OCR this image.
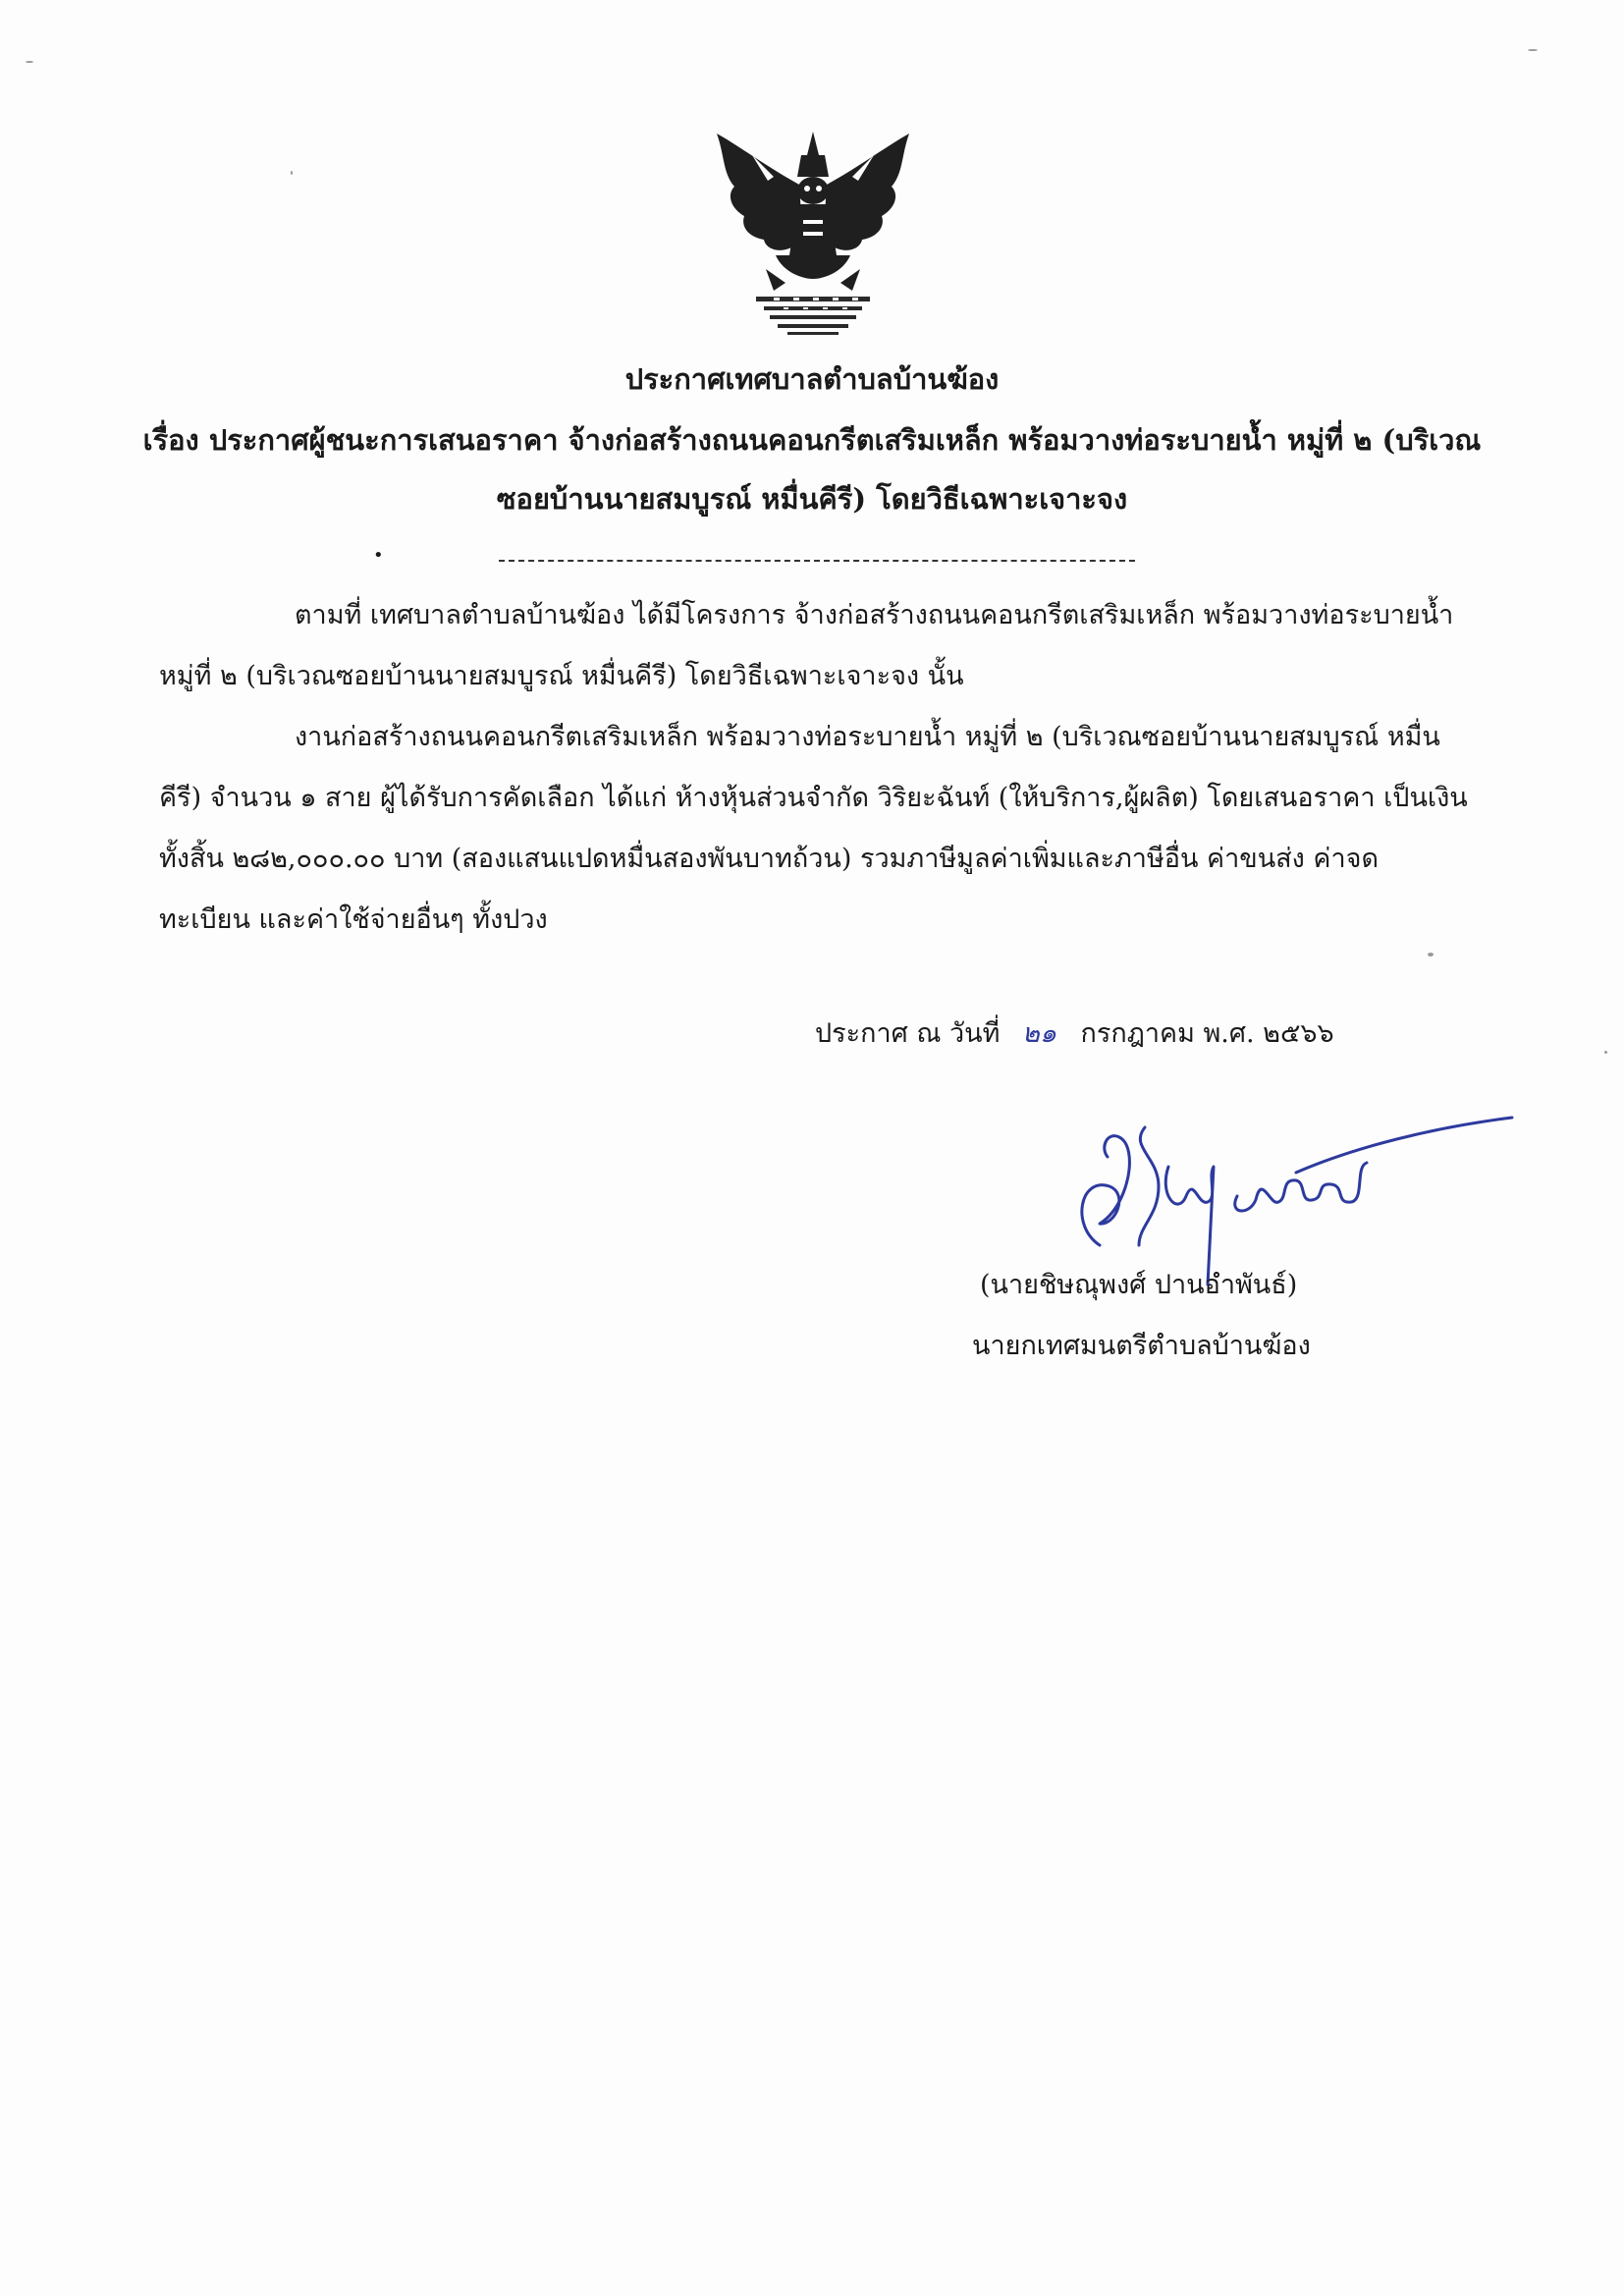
ประกาศเทศบาลตำบลบ้านฆ้อง
เรื่อง ประกาศผู้ชนะการเสนอราคา จ้างก่อสร้างถนนคอนกรีตเสริมเหล็ก พร้อมวางท่อระบายน้ำ หมู่ที่ ๒ (บริเวณ
ซอยบ้านนายสมบูรณ์ หมื่นคีรี) โดยวิธีเฉพาะเจาะจง
•
ตามที่ เทศบาลตำบลบ้านฆ้อง ได้มีโครงการ จ้างก่อสร้างถนนคอนกรีตเสริมเหล็ก พร้อมวางท่อระบายน้ำ
หมู่ที่ ๒ (บริเวณซอยบ้านนายสมบูรณ์ หมื่นคีรี) โดยวิธีเฉพาะเจาะจง นั้น
งานก่อสร้างถนนคอนกรีตเสริมเหล็ก พร้อมวางท่อระบายน้ำ หมู่ที่ ๒ (บริเวณซอยบ้านนายสมบูรณ์ หมื่น
คีรี) จำนวน ๑ สาย ผู้ได้รับการคัดเลือก ได้แก่ ห้างหุ้นส่วนจำกัด วิริยะฉันท์ (ให้บริการ,ผู้ผลิต) โดยเสนอราคา เป็นเงิน
ทั้งสิ้น ๒๘๒,๐๐๐.๐๐ บาท (สองแสนแปดหมื่นสองพันบาทถ้วน) รวมภาษีมูลค่าเพิ่มและภาษีอื่น ค่าขนส่ง ค่าจด
ทะเบียน และค่าใช้จ่ายอื่นๆ ทั้งปวง
ประกาศ ณ วันที่ ๒๑ กรกฎาคม พ.ศ. ๒๕๖๖
(นายชิษณุพงศ์ ปานอำพันธ์)
นายกเทศมนตรีตำบลบ้านฆ้อง
